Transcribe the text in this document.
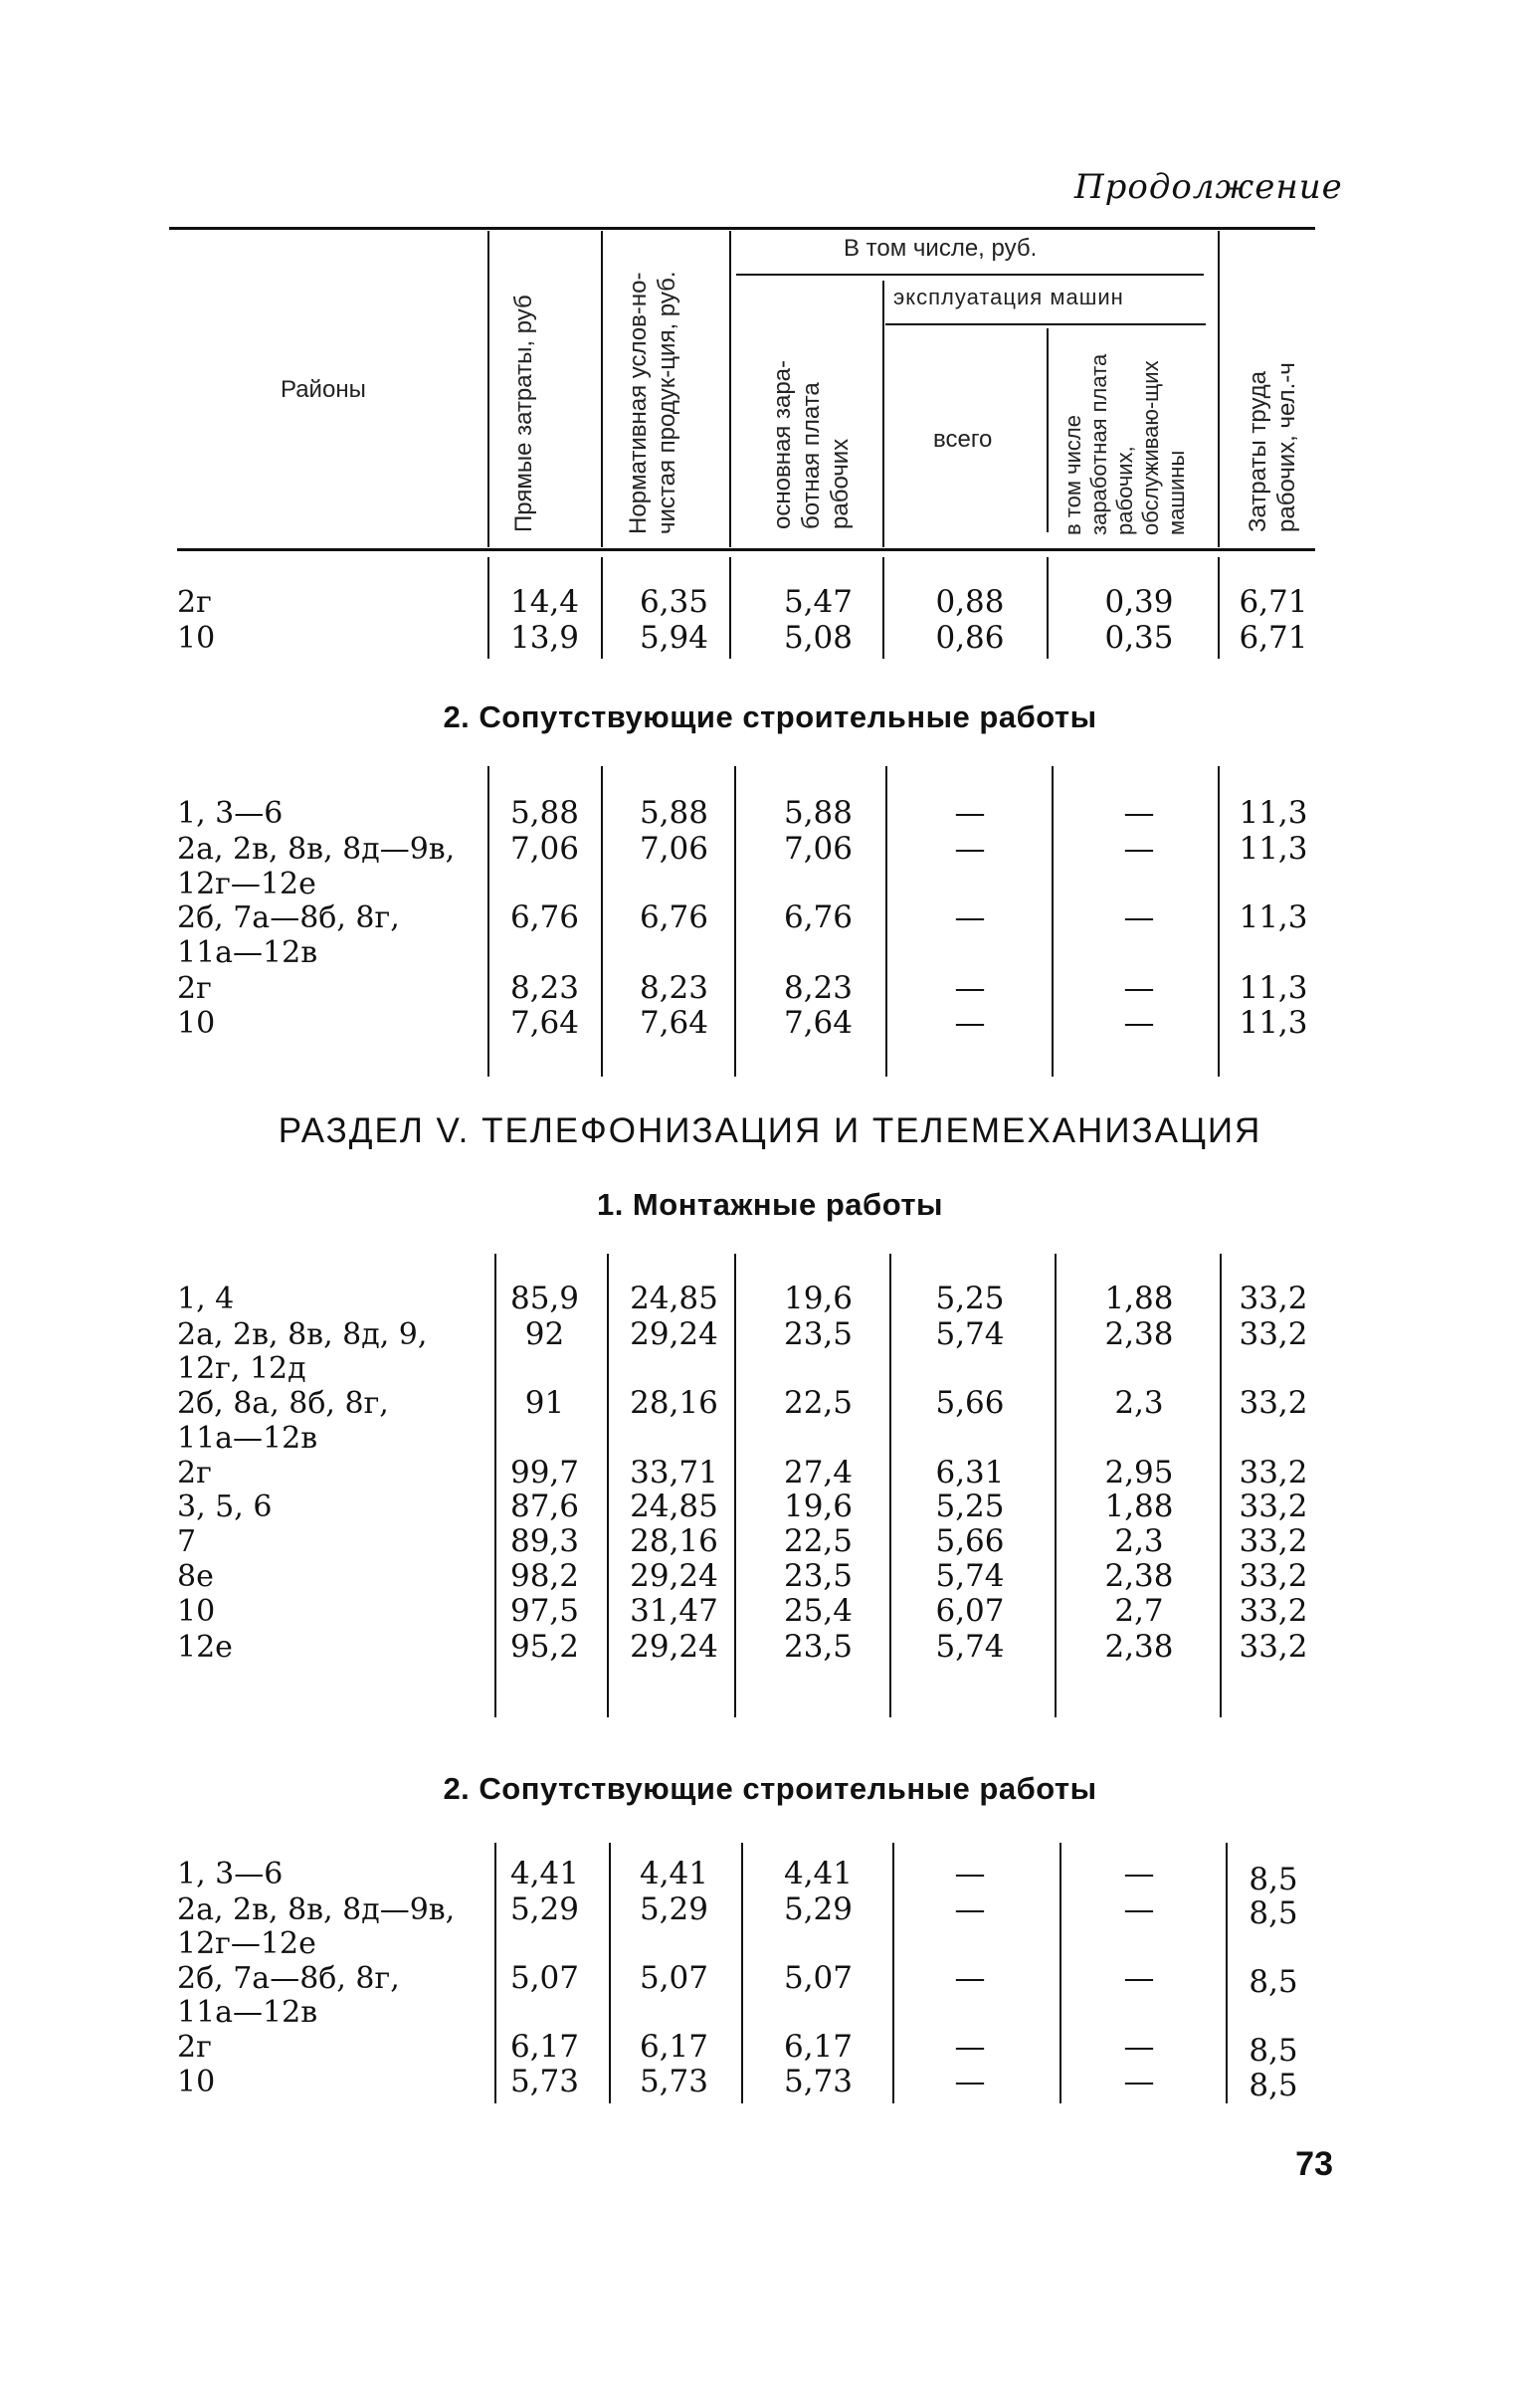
Продолжение
Районы	Прямые затраты, руб	Нормативная услов-но-чистая продук-ция, руб.
В том числе, руб.
основная зара-ботная плата рабочих
эксплуатация машин
всего	в том числе заработная плата рабочих, обслуживаю-щих машины	Затраты труда рабочих, чел.-ч
2г	14,4	6,35	5,47	0,88	0,39	6,71
10	13,9	5,94	5,08	0,86	0,35	6,71
2. Сопутствующие строительные работы
1, 3—6	5,88	5,88	5,88	—	—	11,3
2а, 2в, 8в, 8д—9в,	7,06	7,06	7,06	—	—	11,3
12г—12е
2б, 7а—8б, 8г,	6,76	6,76	6,76	—	—	11,3
11а—12в
2г	8,23	8,23	8,23	—	—	11,3
10	7,64	7,64	7,64	—	—	11,3
РАЗДЕЛ V. ТЕЛЕФОНИЗАЦИЯ И ТЕЛЕМЕХАНИЗАЦИЯ
1. Монтажные работы
1, 4	85,9 24,85	19,6	5,25	1,88	33,2
2а, 2в, 8в, 8д, 9,	92	29,24	23,5	5,74	2,38	33,2
12г, 12д
2б, 8а, 8б, 8г,	91	28,16	22,5	5,66	2,3	33,2
11а—12в
2г	99,7 33,71	27,4	6,31	2,95	33,2
3, 5, 6	87,6 24,85	19,6	5,25	1,88	33,2
7	89,3 28,16	22,5	5,66	2,3	33,2
8е	98,2 29,24	23,5	5,74	2,38	33,2
10	97,5 31,47	25,4	6,07	2,7	33,2
12е	95,2 29,24	23,5	5,74	2,38	33,2
2. Сопутствующие строительные работы
1, 3—6	4,41	4,41	4,41	—	—	8,5
2а, 2в, 8в, 8д—9в,	5,29	5,29	5,29	—	—	8,5
12г—12е
2б, 7а—8б, 8г,	5,07	5,07	5,07	—	—	8,5
11а—12в
2г	6,17	6,17	6,17	—	—	8,5
10	5,73	5,73	5,73	—	—	8,5
73
